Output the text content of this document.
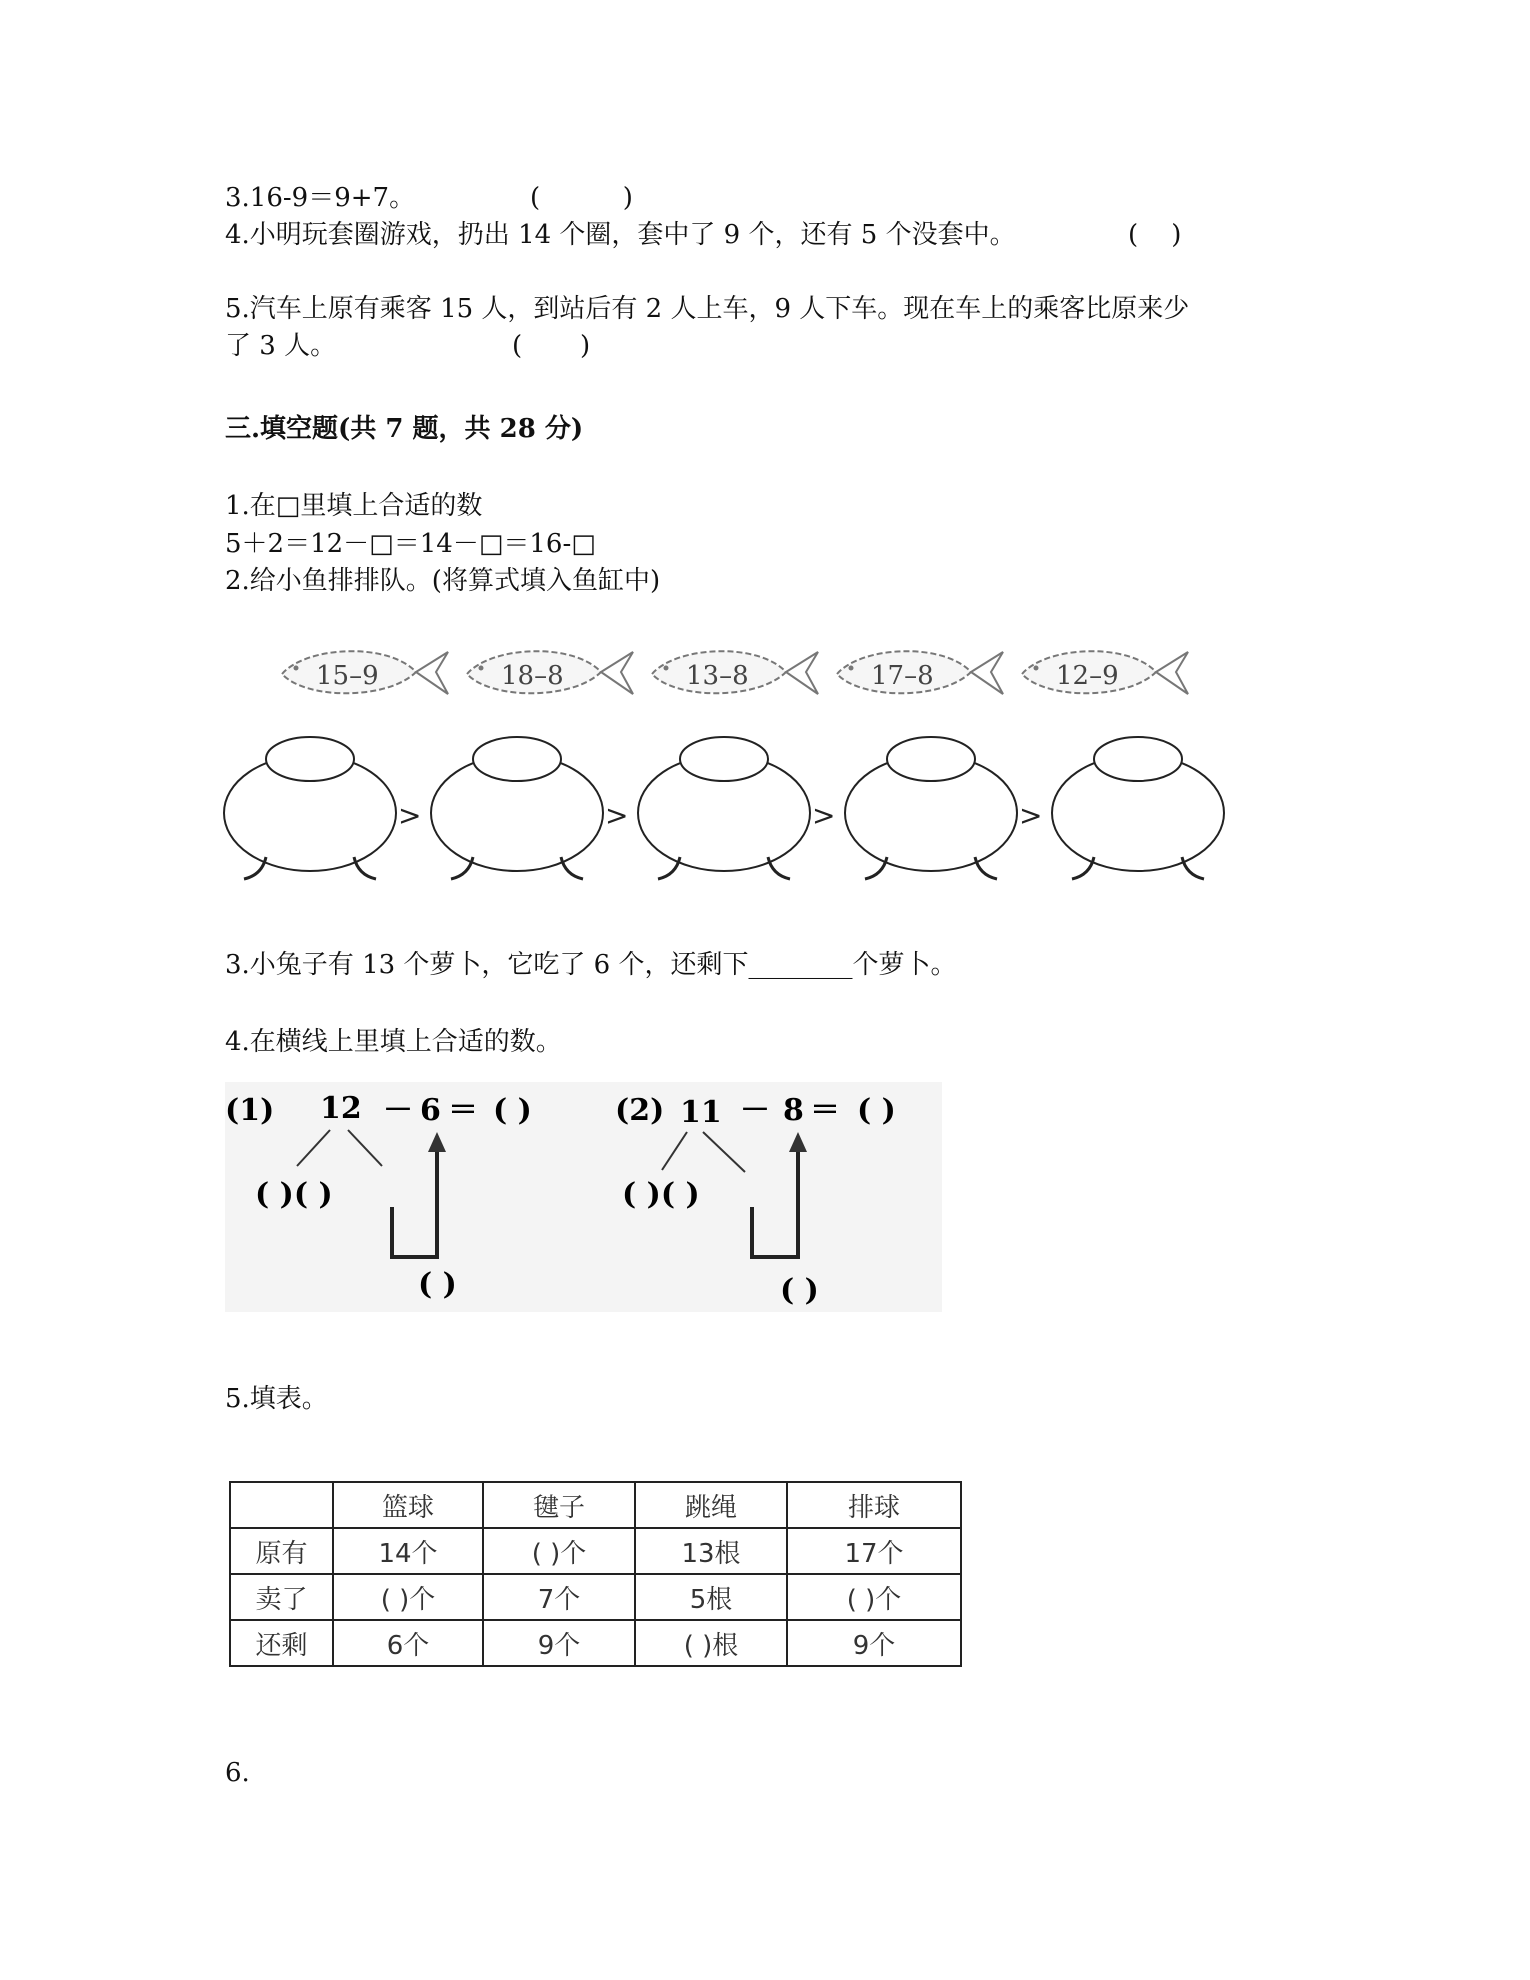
3.16-9＝9+7。	(          )
4.小明玩套圈游戏，扔出 14 个圈，套中了 9 个，还有 5 个没套中。	(    )
5.汽车上原有乘客 15 人，到站后有 2 人上车，9 人下车。现在车上的乘客比原来少
了 3 人。	(       )
三.填空题(共 7 题，共 28 分)
1.在□里填上合适的数
5＋2＝12－□＝14－□＝16-□
2.给小鱼排排队。(将算式填入鱼缸中)
15–9	18–8	13–8	17–8	12–9
>	>	>	>
3.小兔子有 13 个萝卜，它吃了 6 个，还剩下________个萝卜。
4.在横线上里填上合适的数。
(1) 12 － 6 ＝ ( )
( )( )
( )
(2) 11 － 8 ＝ ( )
( )( )
( )
5.填表。
	篮球	毽子	跳绳	排球
原有	14个	( )个	13根	17个
卖了	( )个	7个	5根	( )个
还剩	6个	9个	( )根	9个
6.
